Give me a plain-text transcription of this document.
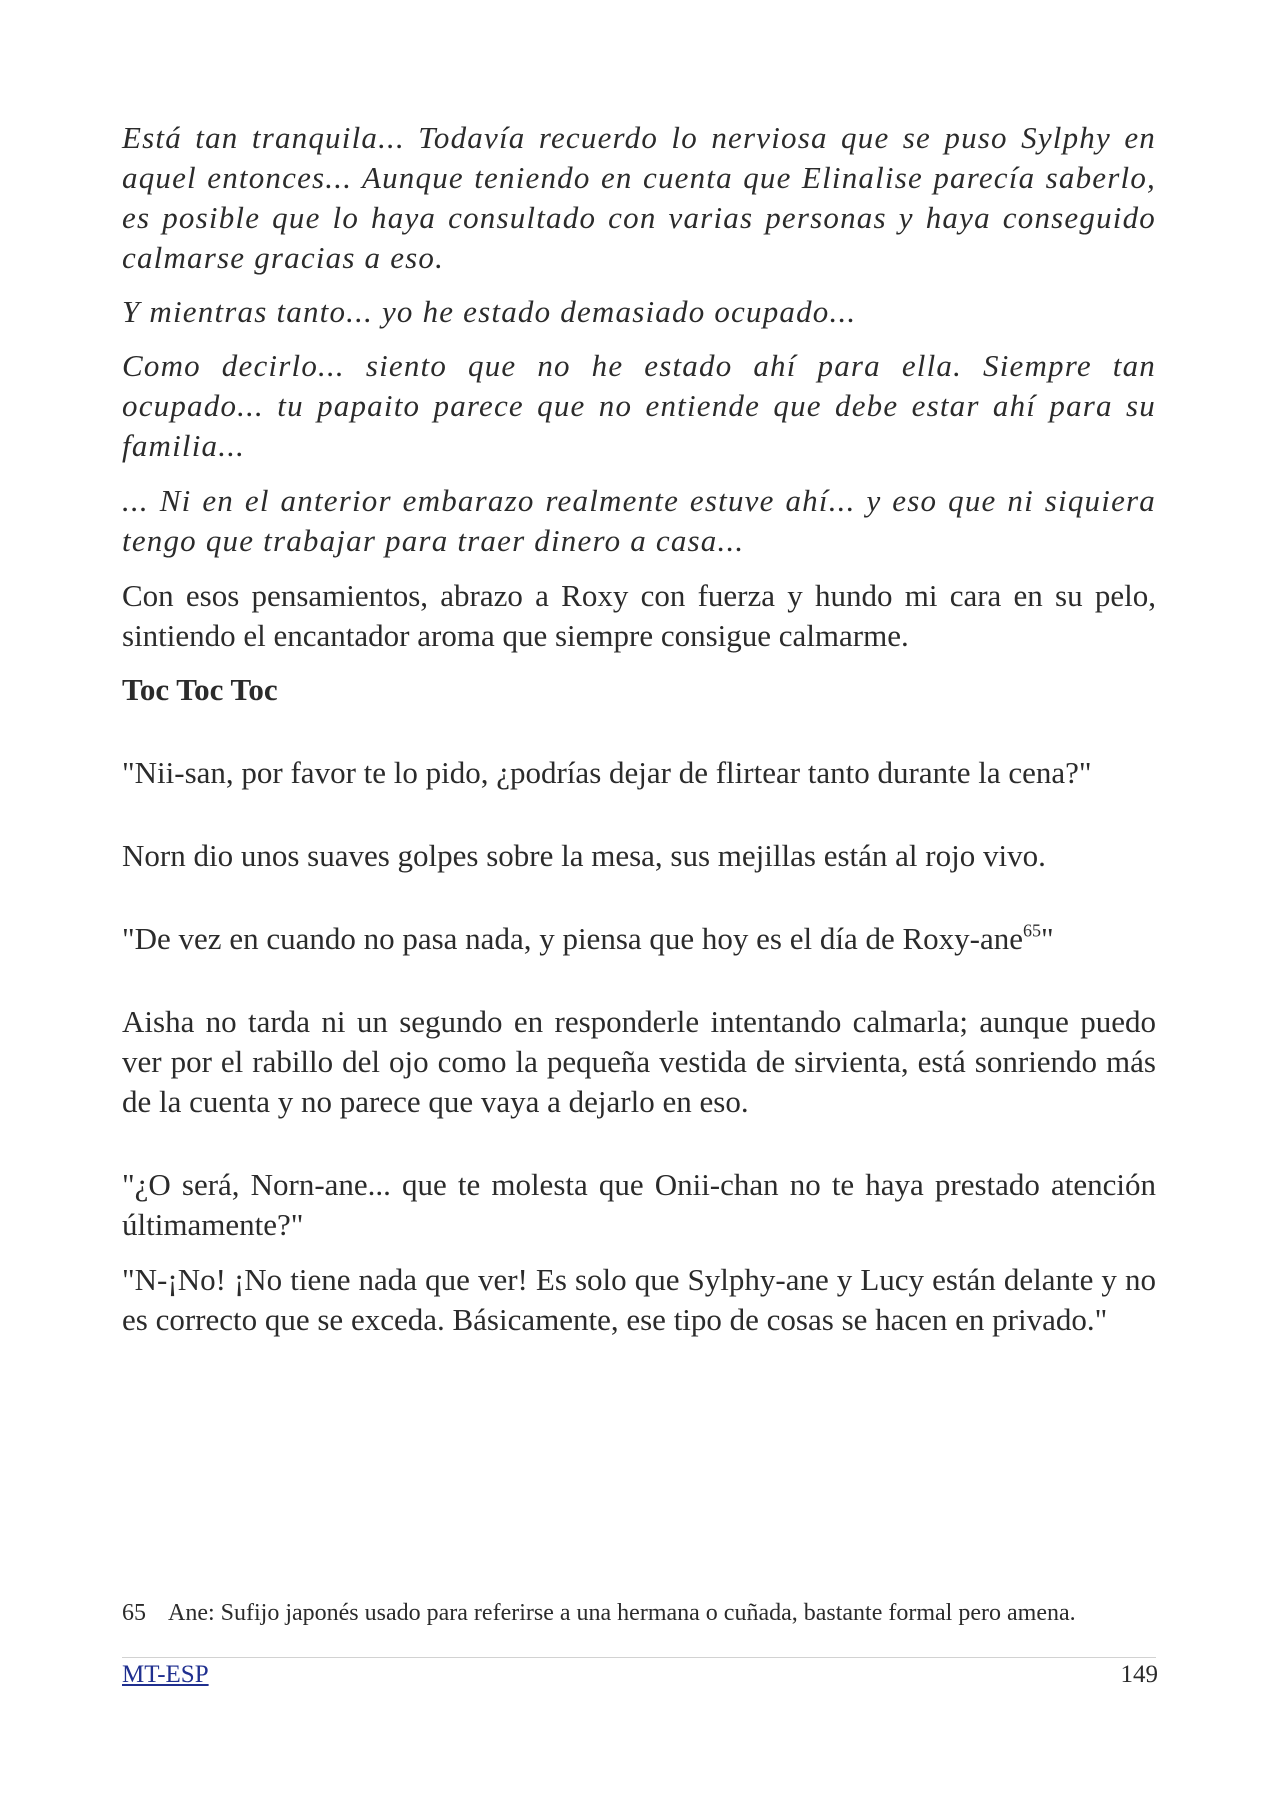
Está tan tranquila... Todavía recuerdo lo nerviosa que se puso Sylphy en aquel entonces... Aunque teniendo en cuenta que Elinalise parecía saberlo, es posible que lo haya consultado con varias personas y haya conseguido calmarse gracias a eso.

Y mientras tanto... yo he estado demasiado ocupado...

Como decirlo... siento que no he estado ahí para ella. Siempre tan ocupado... tu papaito parece que no entiende que debe estar ahí para su familia...

... Ni en el anterior embarazo realmente estuve ahí... y eso que ni siquiera tengo que trabajar para traer dinero a casa...

Con esos pensamientos, abrazo a Roxy con fuerza y hundo mi cara en su pelo, sintiendo el encantador aroma que siempre consigue calmarme.

Toc Toc Toc

"Nii-san, por favor te lo pido, ¿podrías dejar de flirtear tanto durante la cena?"

Norn dio unos suaves golpes sobre la mesa, sus mejillas están al rojo vivo.

"De vez en cuando no pasa nada, y piensa que hoy es el día de Roxy-ane$^{65}$"

Aisha no tarda ni un segundo en responderle intentando calmarla; aunque puedo ver por el rabillo del ojo como la pequeña vestida de sirvienta, está sonriendo más de la cuenta y no parece que vaya a dejarlo en eso.

"¿O será, Norn-ane... que te molesta que Onii-chan no te haya prestado atención últimamente?"

"N-¡No! ¡No tiene nada que ver! Es solo que Sylphy-ane y Lucy están delante y no es correcto que se exceda. Básicamente, ese tipo de cosas se hacen en privado."

65 Ane: Sufijo japonés usado para referirse a una hermana o cuñada, bastante formal pero amena.
MT-ESP	149
